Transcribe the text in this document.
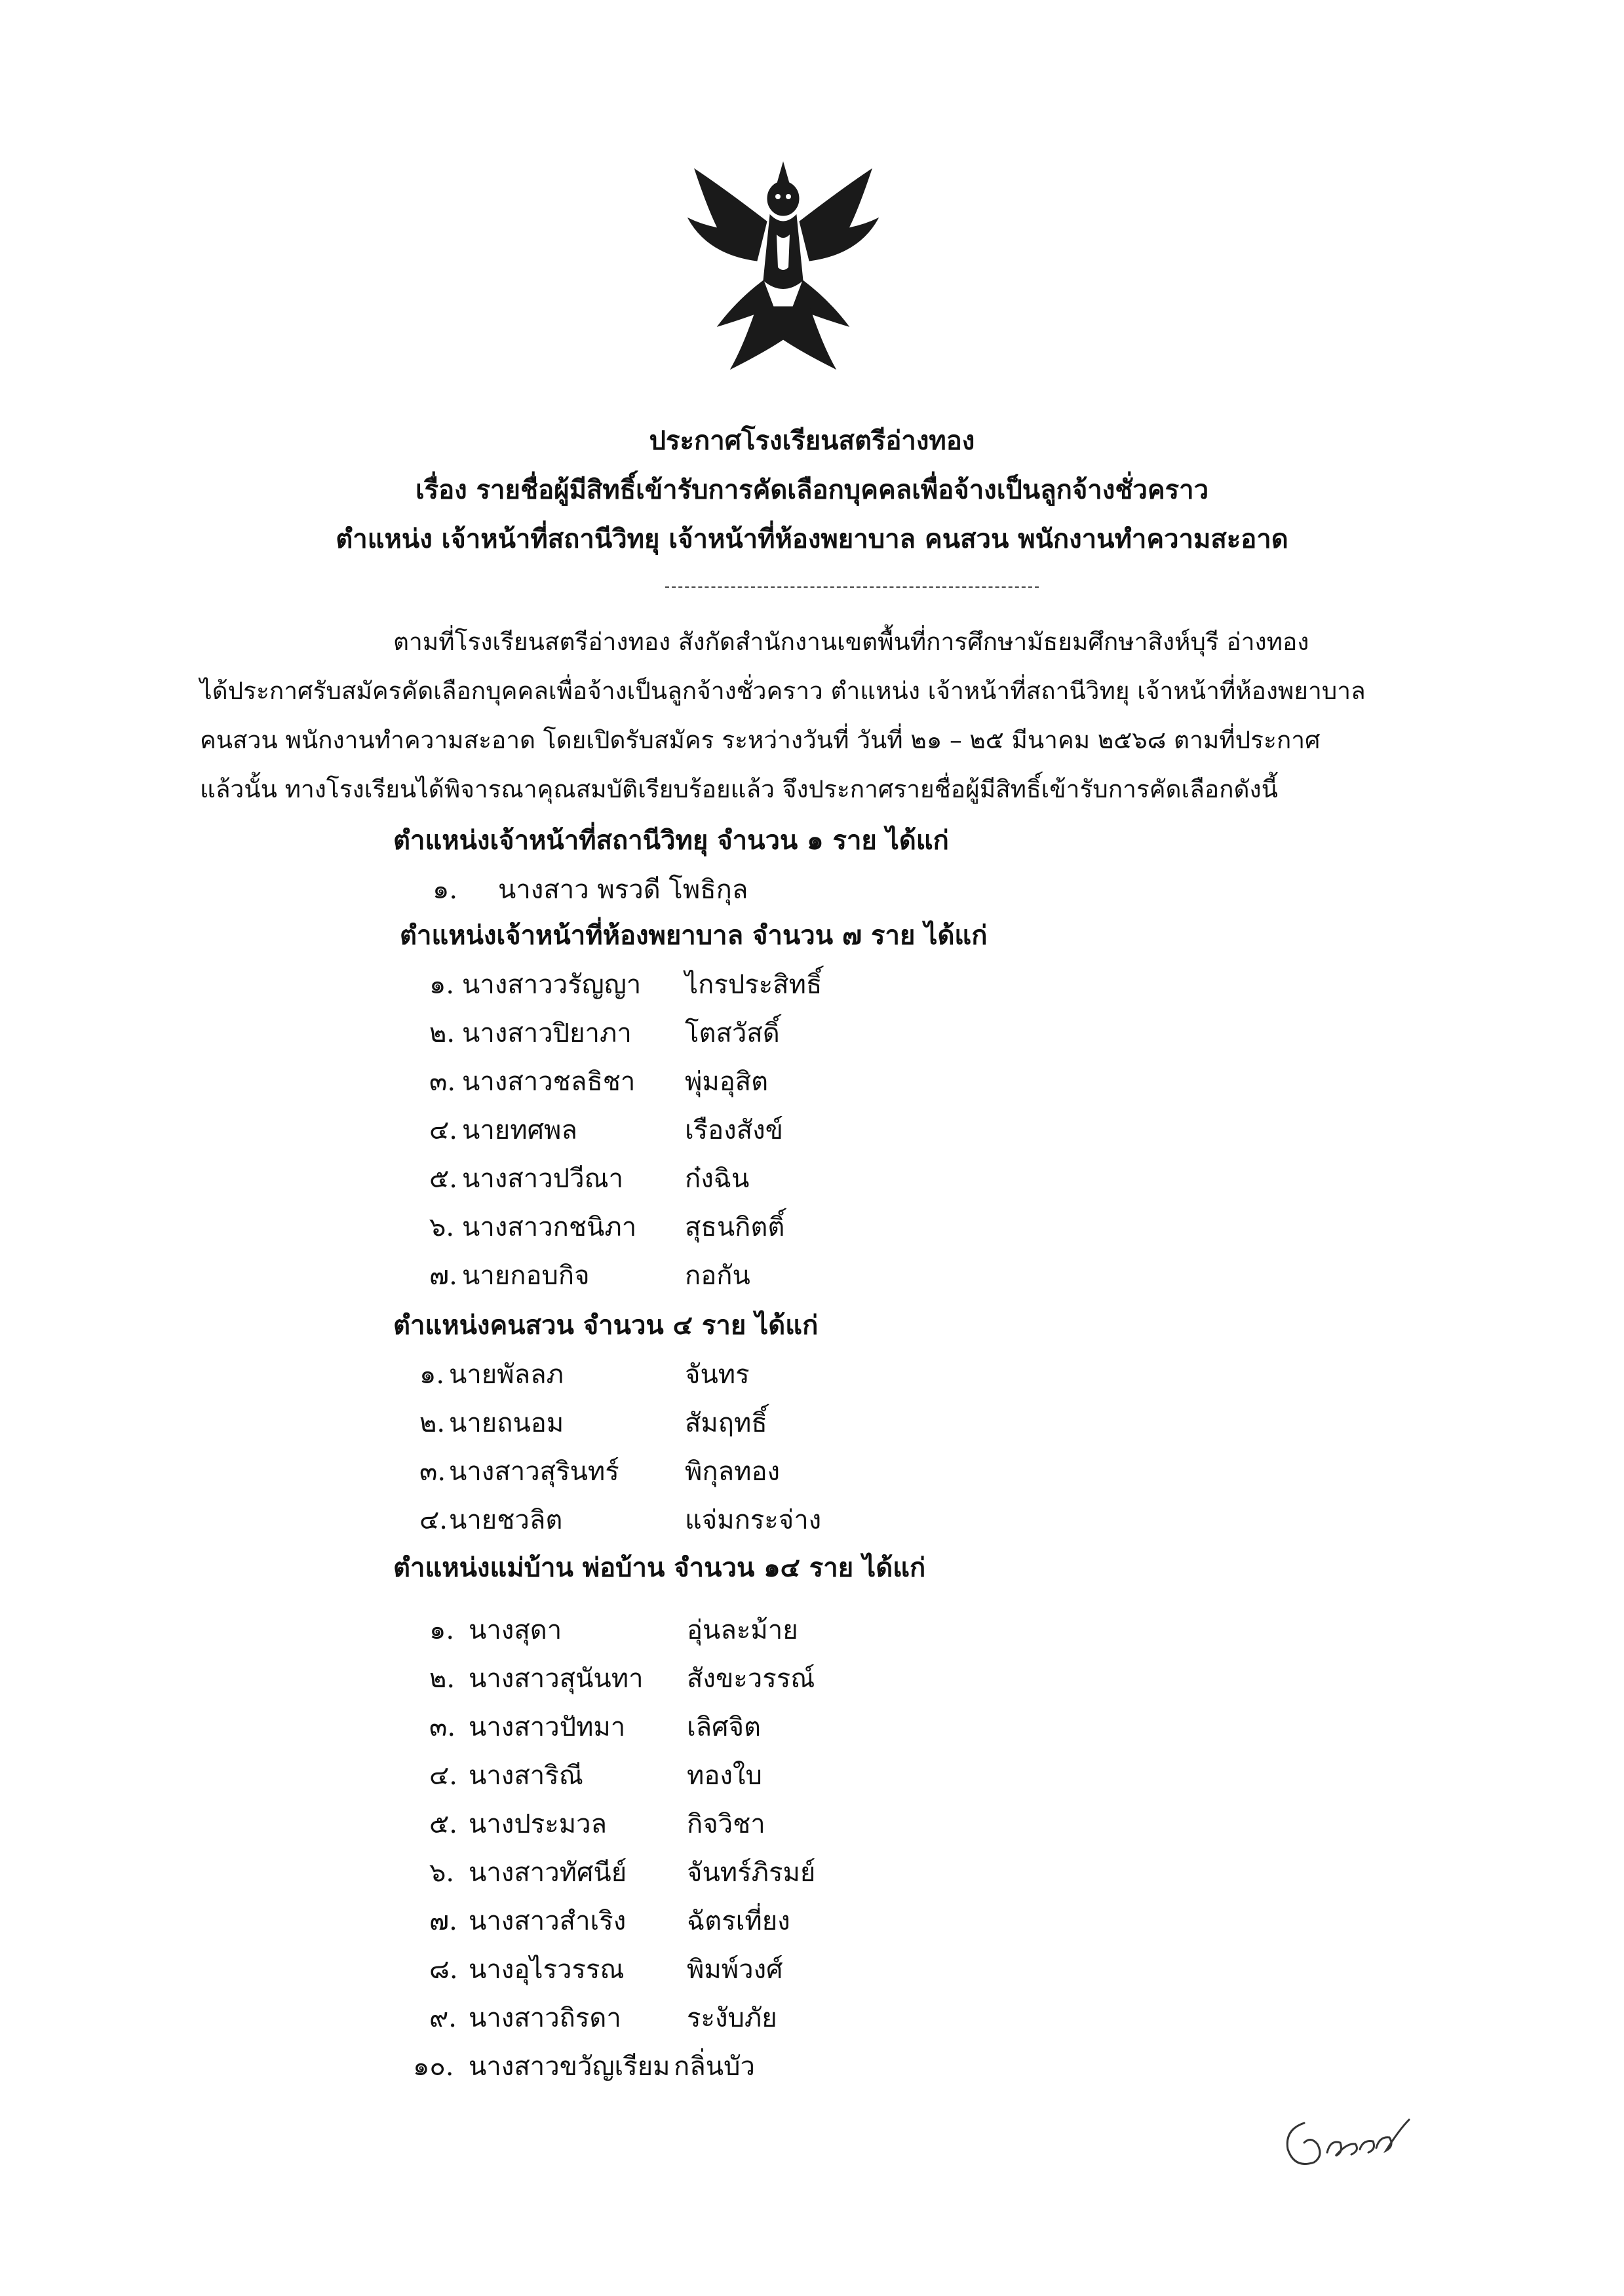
ประกาศโรงเรียนสตรีอ่างทอง
เรื่อง รายชื่อผู้มีสิทธิ์เข้ารับการคัดเลือกบุคคลเพื่อจ้างเป็นลูกจ้างชั่วคราว
ตำแหน่ง เจ้าหน้าที่สถานีวิทยุ เจ้าหน้าที่ห้องพยาบาล คนสวน พนักงานทำความสะอาด
ตามที่โรงเรียนสตรีอ่างทอง สังกัดสำนักงานเขตพื้นที่การศึกษามัธยมศึกษาสิงห์บุรี อ่างทอง
ได้ประกาศรับสมัครคัดเลือกบุคคลเพื่อจ้างเป็นลูกจ้างชั่วคราว ตำแหน่ง เจ้าหน้าที่สถานีวิทยุ เจ้าหน้าที่ห้องพยาบาล
คนสวน พนักงานทำความสะอาด โดยเปิดรับสมัคร ระหว่างวันที่ วันที่ ๒๑ – ๒๕ มีนาคม ๒๕๖๘ ตามที่ประกาศ
แล้วนั้น ทางโรงเรียนได้พิจารณาคุณสมบัติเรียบร้อยแล้ว จึงประกาศรายชื่อผู้มีสิทธิ์เข้ารับการคัดเลือกดังนี้
ตำแหน่งเจ้าหน้าที่สถานีวิทยุ จำนวน ๑ ราย ได้แก่
๑. นางสาว พรวดี โพธิกุล
ตำแหน่งเจ้าหน้าที่ห้องพยาบาล จำนวน ๗ ราย ได้แก่
๑. นางสาววรัญญา ไกรประสิทธิ์
๒. นางสาวปิยาภา โตสวัสดิ์
๓. นางสาวชลธิชา พุ่มอุสิต
๔. นายทศพล	เรืองสังข์
๕. นางสาวปวีณา ก๋งฉิน
๖. นางสาวกชนิภา สุธนกิตติ์
๗. นายกอบกิจ	กอกัน
ตำแหน่งคนสวน จำนวน ๔ ราย ได้แก่
๑. นายพัลลภ	จันทร
๒. นายถนอม	สัมฤทธิ์
๓. นางสาวสุรินทร์	พิกุลทอง
๔. นายชวลิต	แจ่มกระจ่าง
ตำแหน่งแม่บ้าน พ่อบ้าน จำนวน ๑๔ ราย ได้แก่
๑. นางสุดา	อุ่นละม้าย
๒. นางสาวสุนันทา สังขะวรรณ์
๓. นางสาวปัทมา เลิศจิต
๔. นางสาริณี	ทองใบ
๕. นางประมวล	กิจวิชา
๖. นางสาวทัศนีย์ จันทร์ภิรมย์
๗. นางสาวสำเริง ฉัตรเที่ยง
๘. นางอุไรวรรณ พิมพ์วงศ์
๙. นางสาวถิรดา	ระงับภัย
๑๐. นางสาวขวัญเรียม กลิ่นบัว
